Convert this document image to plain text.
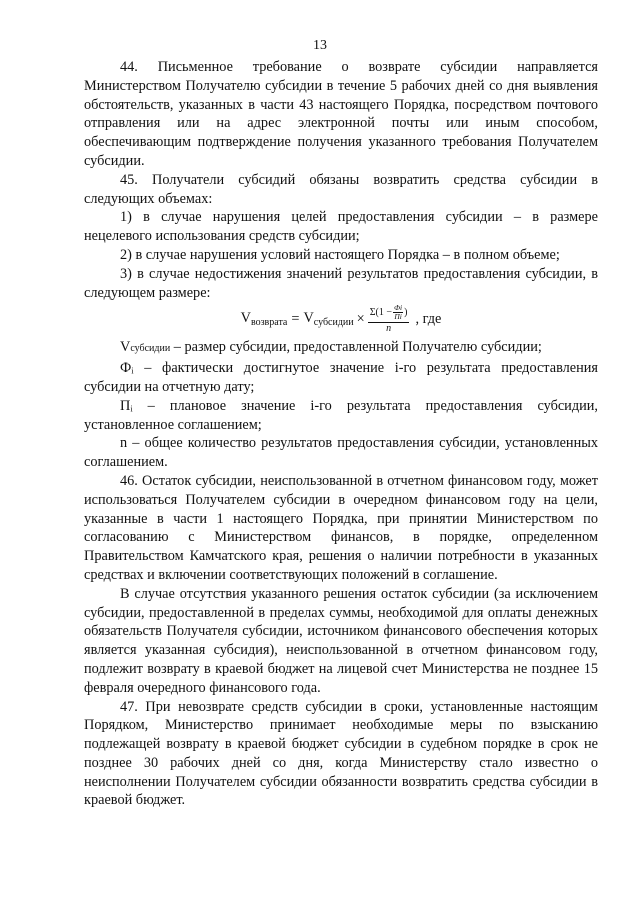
13

44. Письменное требование о возврате субсидии направляется Министерством Получателю субсидии в течение 5 рабочих дней со дня выявления обстоятельств, указанных в части 43 настоящего Порядка, посредством почтового отправления или на адрес электронной почты или иным способом, обеспечивающим подтверждение получения указанного требования Получателем субсидии.

45. Получатели субсидий обязаны возвратить средства субсидии в следующих объемах:

1) в случае нарушения целей предоставления субсидии – в размере нецелевого использования средств субсидии;

2) в случае нарушения условий настоящего Порядка – в полном объеме;

3) в случае недостижения значений результатов предоставления субсидии, в следующем размере:

$V_{возврата} = V_{субсидии} \times \Sigma(1 - \frac{Фi}{Пi}$ )
n
, где

Vсубсидии – размер субсидии, предоставленной Получателю субсидии;

Фᵢ – фактически достигнутое значение i-го результата предоставления субсидии на отчетную дату;

Пᵢ – плановое значение i-го результата предоставления субсидии, установленное соглашением;

n – общее количество результатов предоставления субсидии, установленных соглашением.

46. Остаток субсидии, неиспользованной в отчетном финансовом году, может использоваться Получателем субсидии в очередном финансовом году на цели, указанные в части 1 настоящего Порядка, при принятии Министерством по согласованию с Министерством финансов, в порядке, определенном Правительством Камчатского края, решения о наличии потребности в указанных средствах и включении соответствующих положений в соглашение.

В случае отсутствия указанного решения остаток субсидии (за исключением субсидии, предоставленной в пределах суммы, необходимой для оплаты денежных обязательств Получателя субсидии, источником финансового обеспечения которых является указанная субсидия), неиспользованной в отчетном финансовом году, подлежит возврату в краевой бюджет на лицевой счет Министерства не позднее 15 февраля очередного финансового года.

47. При невозврате средств субсидии в сроки, установленные настоящим Порядком, Министерство принимает необходимые меры по взысканию подлежащей возврату в краевой бюджет субсидии в судебном порядке в срок не позднее 30 рабочих дней со дня, когда Министерству стало известно о неисполнении Получателем субсидии обязанности возвратить средства субсидии в краевой бюджет.
